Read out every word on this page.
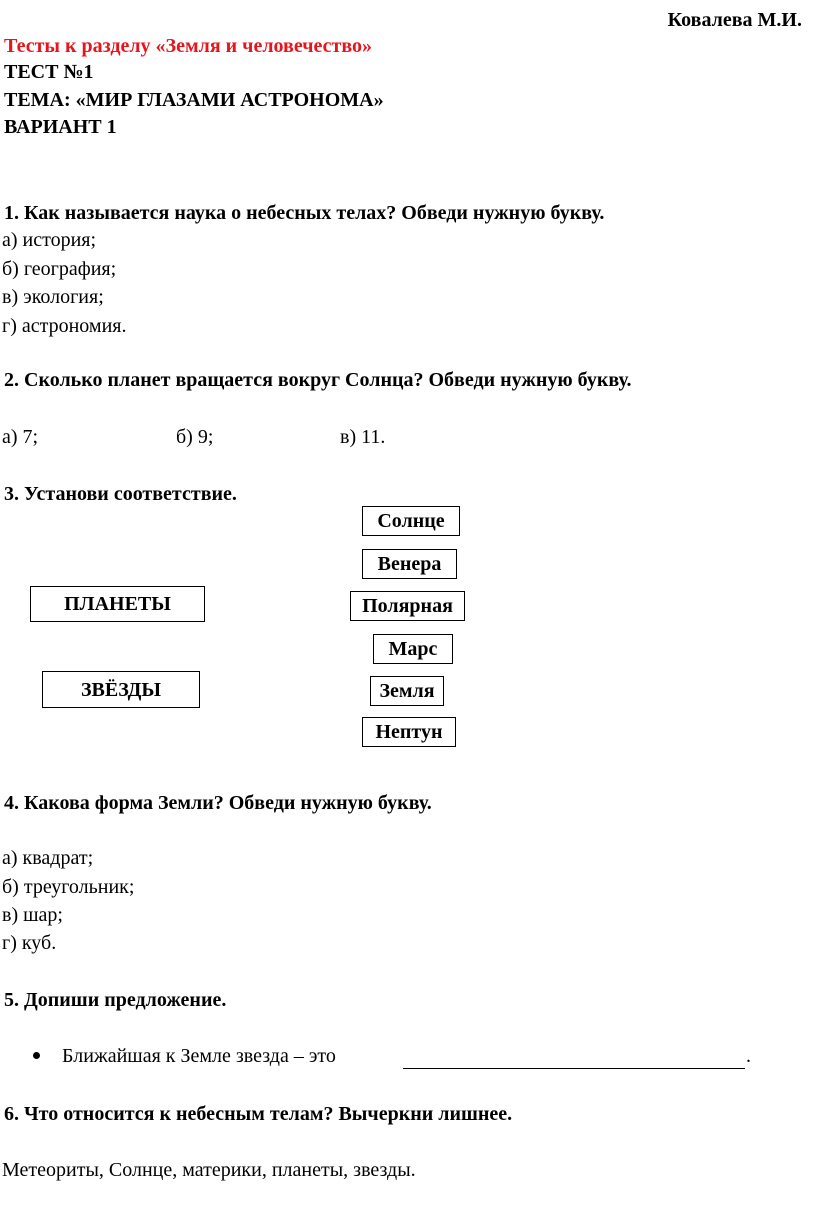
Ковалева М.И.
Тесты к разделу «Земля и человечество»
ТЕСТ №1
ТЕМА: «МИР ГЛАЗАМИ АСТРОНОМА»
ВАРИАНТ 1
1. Как называется наука о небесных телах? Обведи нужную букву.
а) история;
б) география;
в) экология;
г) астрономия.
2. Сколько планет вращается вокруг Солнца? Обведи нужную букву.
а) 7;	б) 9;	в) 11.
3. Установи соответствие.
ПЛАНЕТЫ
ЗВЁЗДЫ
Солнце
Венера
Полярная
Марс
Земля
Нептун
4. Какова форма Земли? Обведи нужную букву.
а) квадрат;
б) треугольник;
в) шар;
г) куб.
5. Допиши предложение.
Ближайшая к Земле звезда – это	.
6. Что относится к небесным телам? Вычеркни лишнее.
Метеориты, Солнце, материки, планеты, звезды.
